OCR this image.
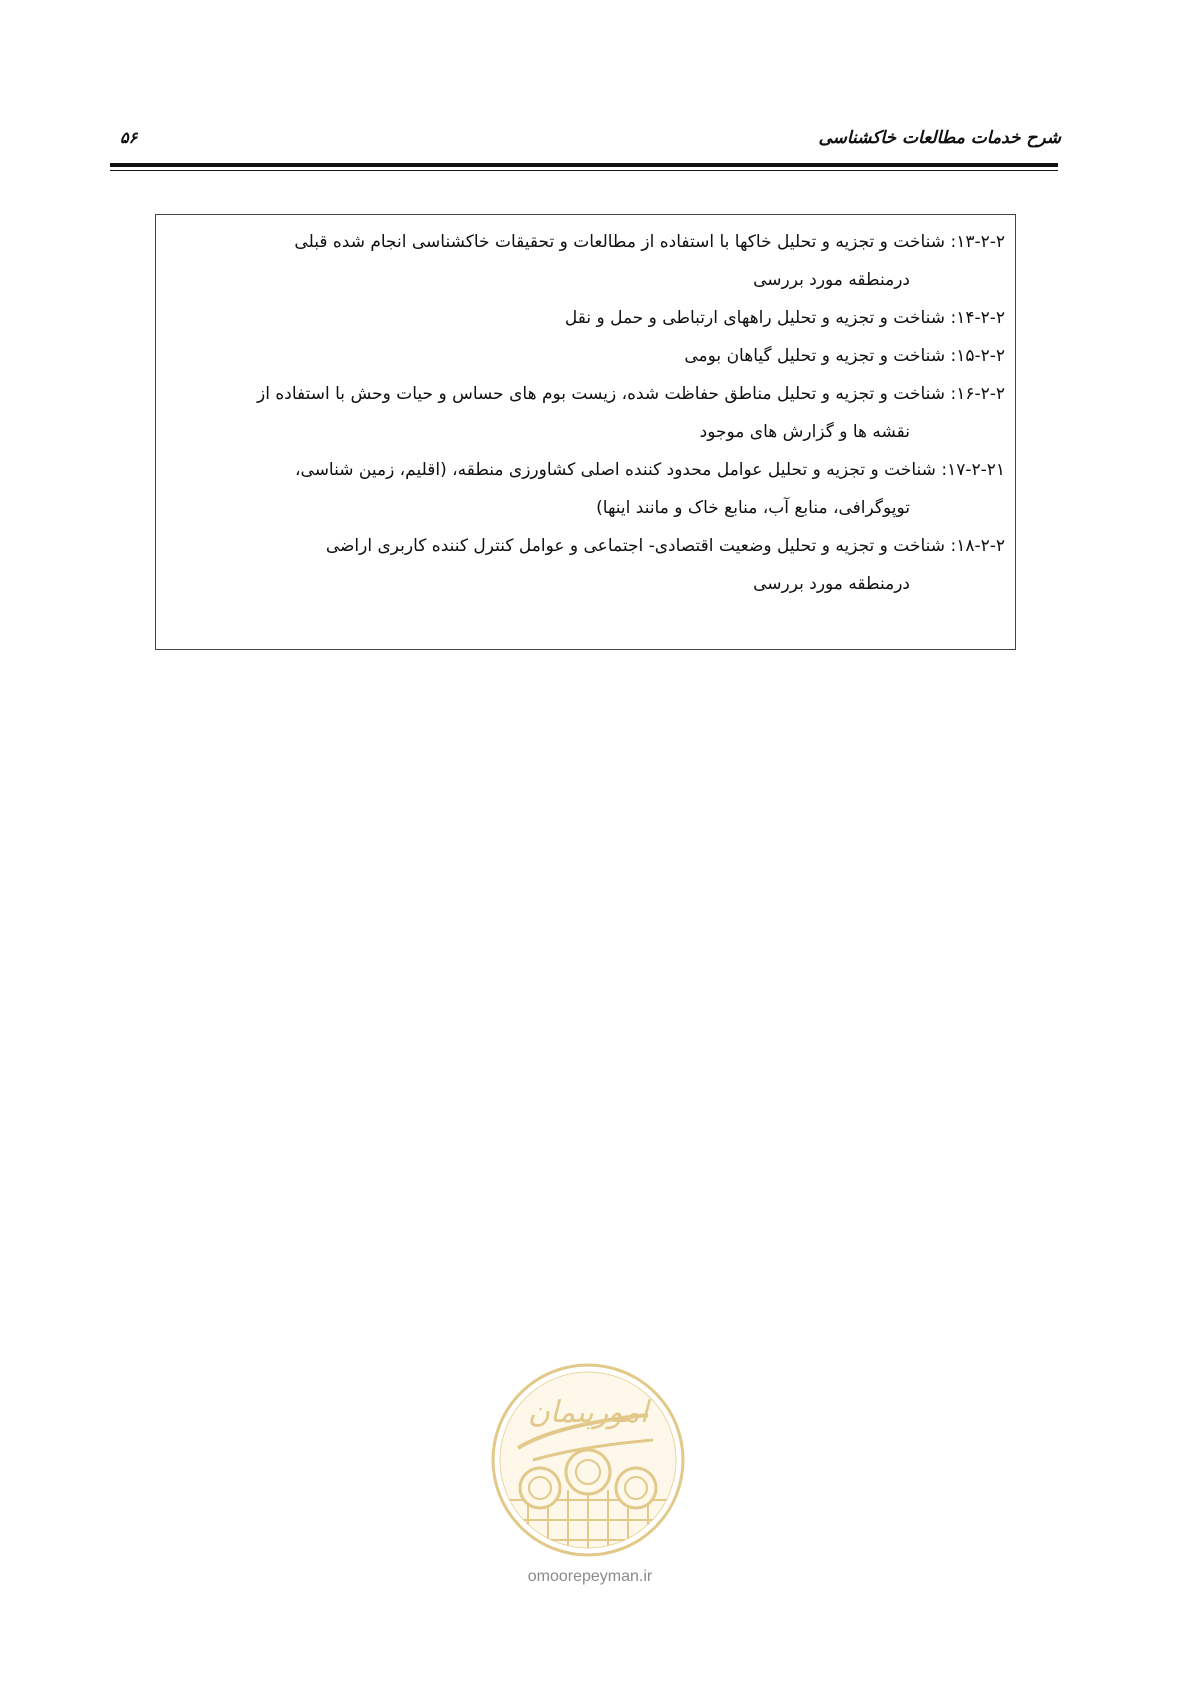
شرح خدمات مطالعات خاکشناسی
۵۶

۱۳-۲-۲: شناخت و تجزیه و تحلیل خاکها با استفاده از مطالعات و تحقیقات خاکشناسی انجام شده قبلی
درمنطقه مورد بررسی

۱۴-۲-۲: شناخت و تجزیه و تحلیل راههای ارتباطی و حمل و نقل

۱۵-۲-۲: شناخت و تجزیه و تحلیل گیاهان بومی

۱۶-۲-۲: شناخت و تجزیه و تحلیل مناطق حفاظت شده، زیست بوم های حساس و حیات وحش با استفاده از
نقشه ها و گزارش های موجود

۱۷-۲-۲۱: شناخت و تجزیه و تحلیل عوامل محدود کننده اصلی کشاورزی منطقه، (اقلیم، زمین شناسی،
توپوگرافی، منابع آب، منابع خاک و مانند اینها)

۱۸-۲-۲: شناخت و تجزیه و تحلیل وضعیت اقتصادی- اجتماعی و عوامل کنترل کننده کاربری اراضی
درمنطقه مورد بررسی

امورپیمان
omoorepeyman.ir
